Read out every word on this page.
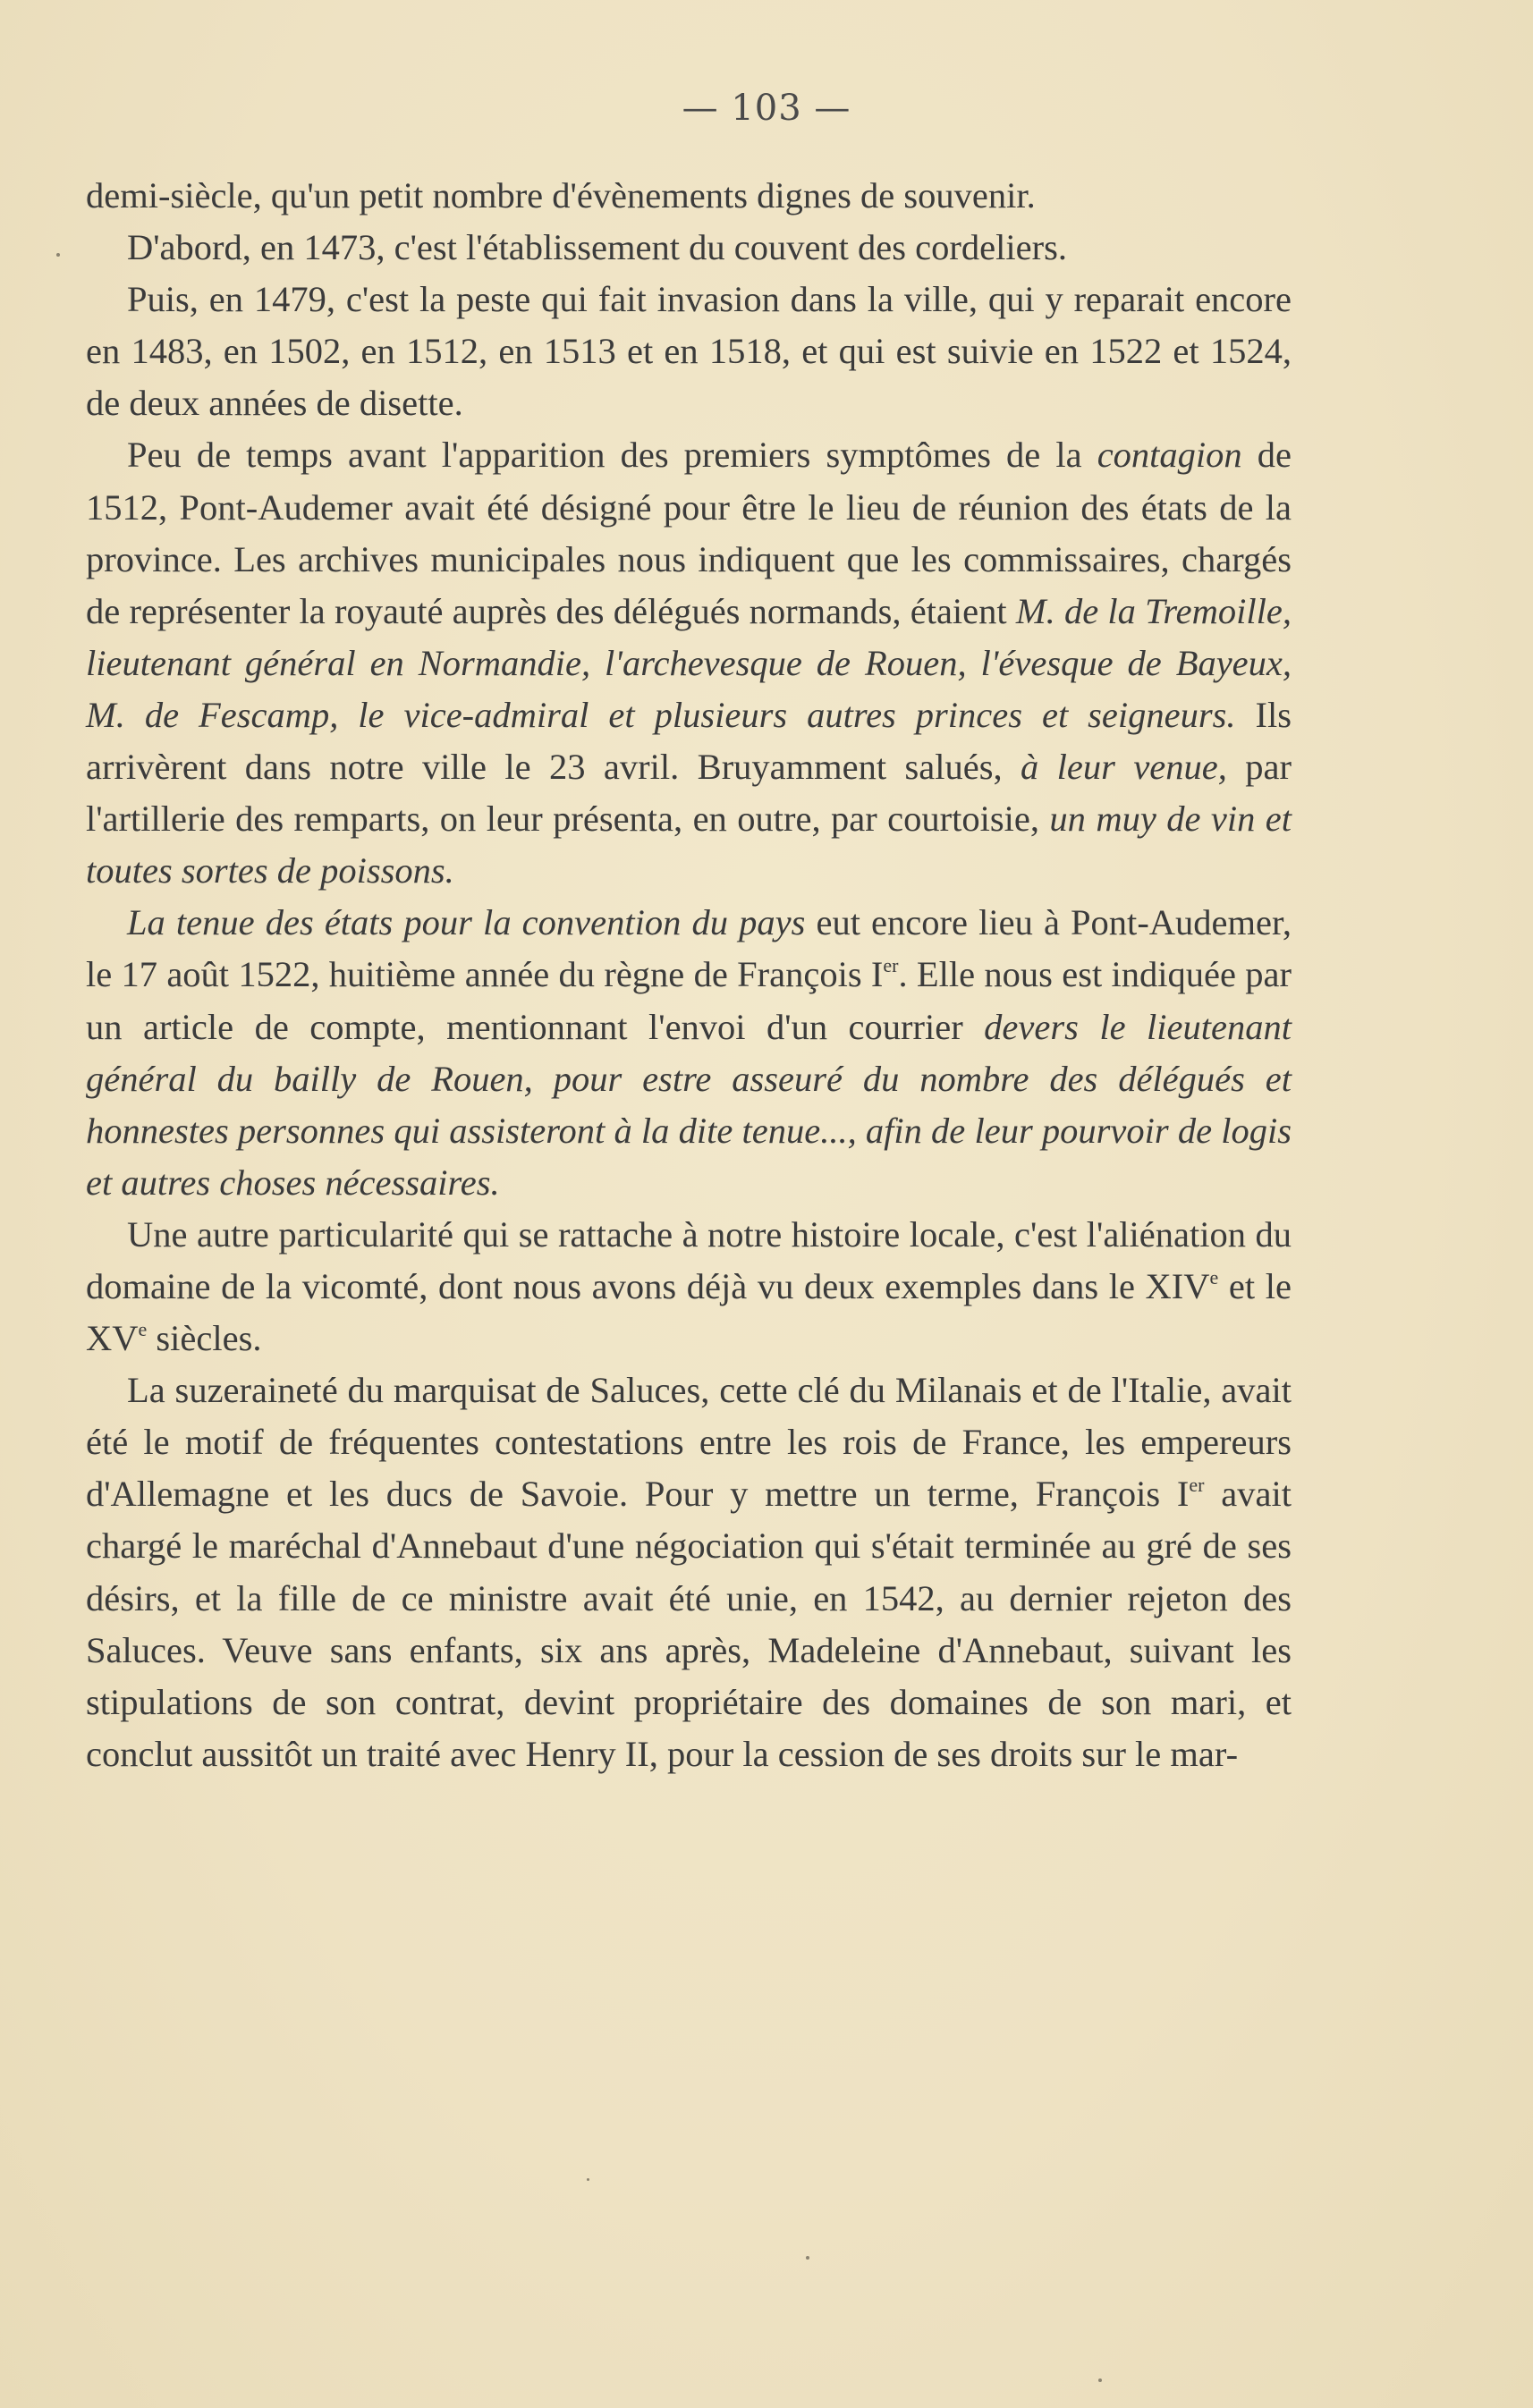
— 103 —

demi-siècle, qu'un petit nombre d'évènements dignes de souvenir.

D'abord, en 1473, c'est l'établissement du couvent des cordeliers.

Puis, en 1479, c'est la peste qui fait invasion dans la ville, qui y reparait encore en 1483, en 1502, en 1512, en 1513 et en 1518, et qui est suivie en 1522 et 1524, de deux années de disette.

Peu de temps avant l'apparition des premiers symptômes de la contagion de 1512, Pont-Audemer avait été désigné pour être le lieu de réunion des états de la province. Les archives municipales nous indiquent que les commissaires, chargés de représenter la royauté auprès des délégués normands, étaient M. de la Tremoille, lieutenant général en Normandie, l'archevesque de Rouen, l'évesque de Bayeux, M. de Fescamp, le vice-admiral et plusieurs autres princes et seigneurs. Ils arrivèrent dans notre ville le 23 avril. Bruyamment salués, à leur venue, par l'artillerie des remparts, on leur présenta, en outre, par courtoisie, un muy de vin et toutes sortes de poissons.

La tenue des états pour la convention du pays eut encore lieu à Pont-Audemer, le 17 août 1522, huitième année du règne de François Ier. Elle nous est indiquée par un article de compte, mentionnant l'envoi d'un courrier devers le lieutenant général du bailly de Rouen, pour estre asseuré du nombre des délégués et honnestes personnes qui assisteront à la dite tenue..., afin de leur pourvoir de logis et autres choses nécessaires.

Une autre particularité qui se rattache à notre histoire locale, c'est l'aliénation du domaine de la vicomté, dont nous avons déjà vu deux exemples dans le XIVe et le XVe siècles.

La suzeraineté du marquisat de Saluces, cette clé du Milanais et de l'Italie, avait été le motif de fréquentes contestations entre les rois de France, les empereurs d'Allemagne et les ducs de Savoie. Pour y mettre un terme, François Ier avait chargé le maréchal d'Annebaut d'une négociation qui s'était terminée au gré de ses désirs, et la fille de ce ministre avait été unie, en 1542, au dernier rejeton des Saluces. Veuve sans enfants, six ans après, Madeleine d'Annebaut, suivant les stipulations de son contrat, devint propriétaire des domaines de son mari, et conclut aussitôt un traité avec Henry II, pour la cession de ses droits sur le mar-
